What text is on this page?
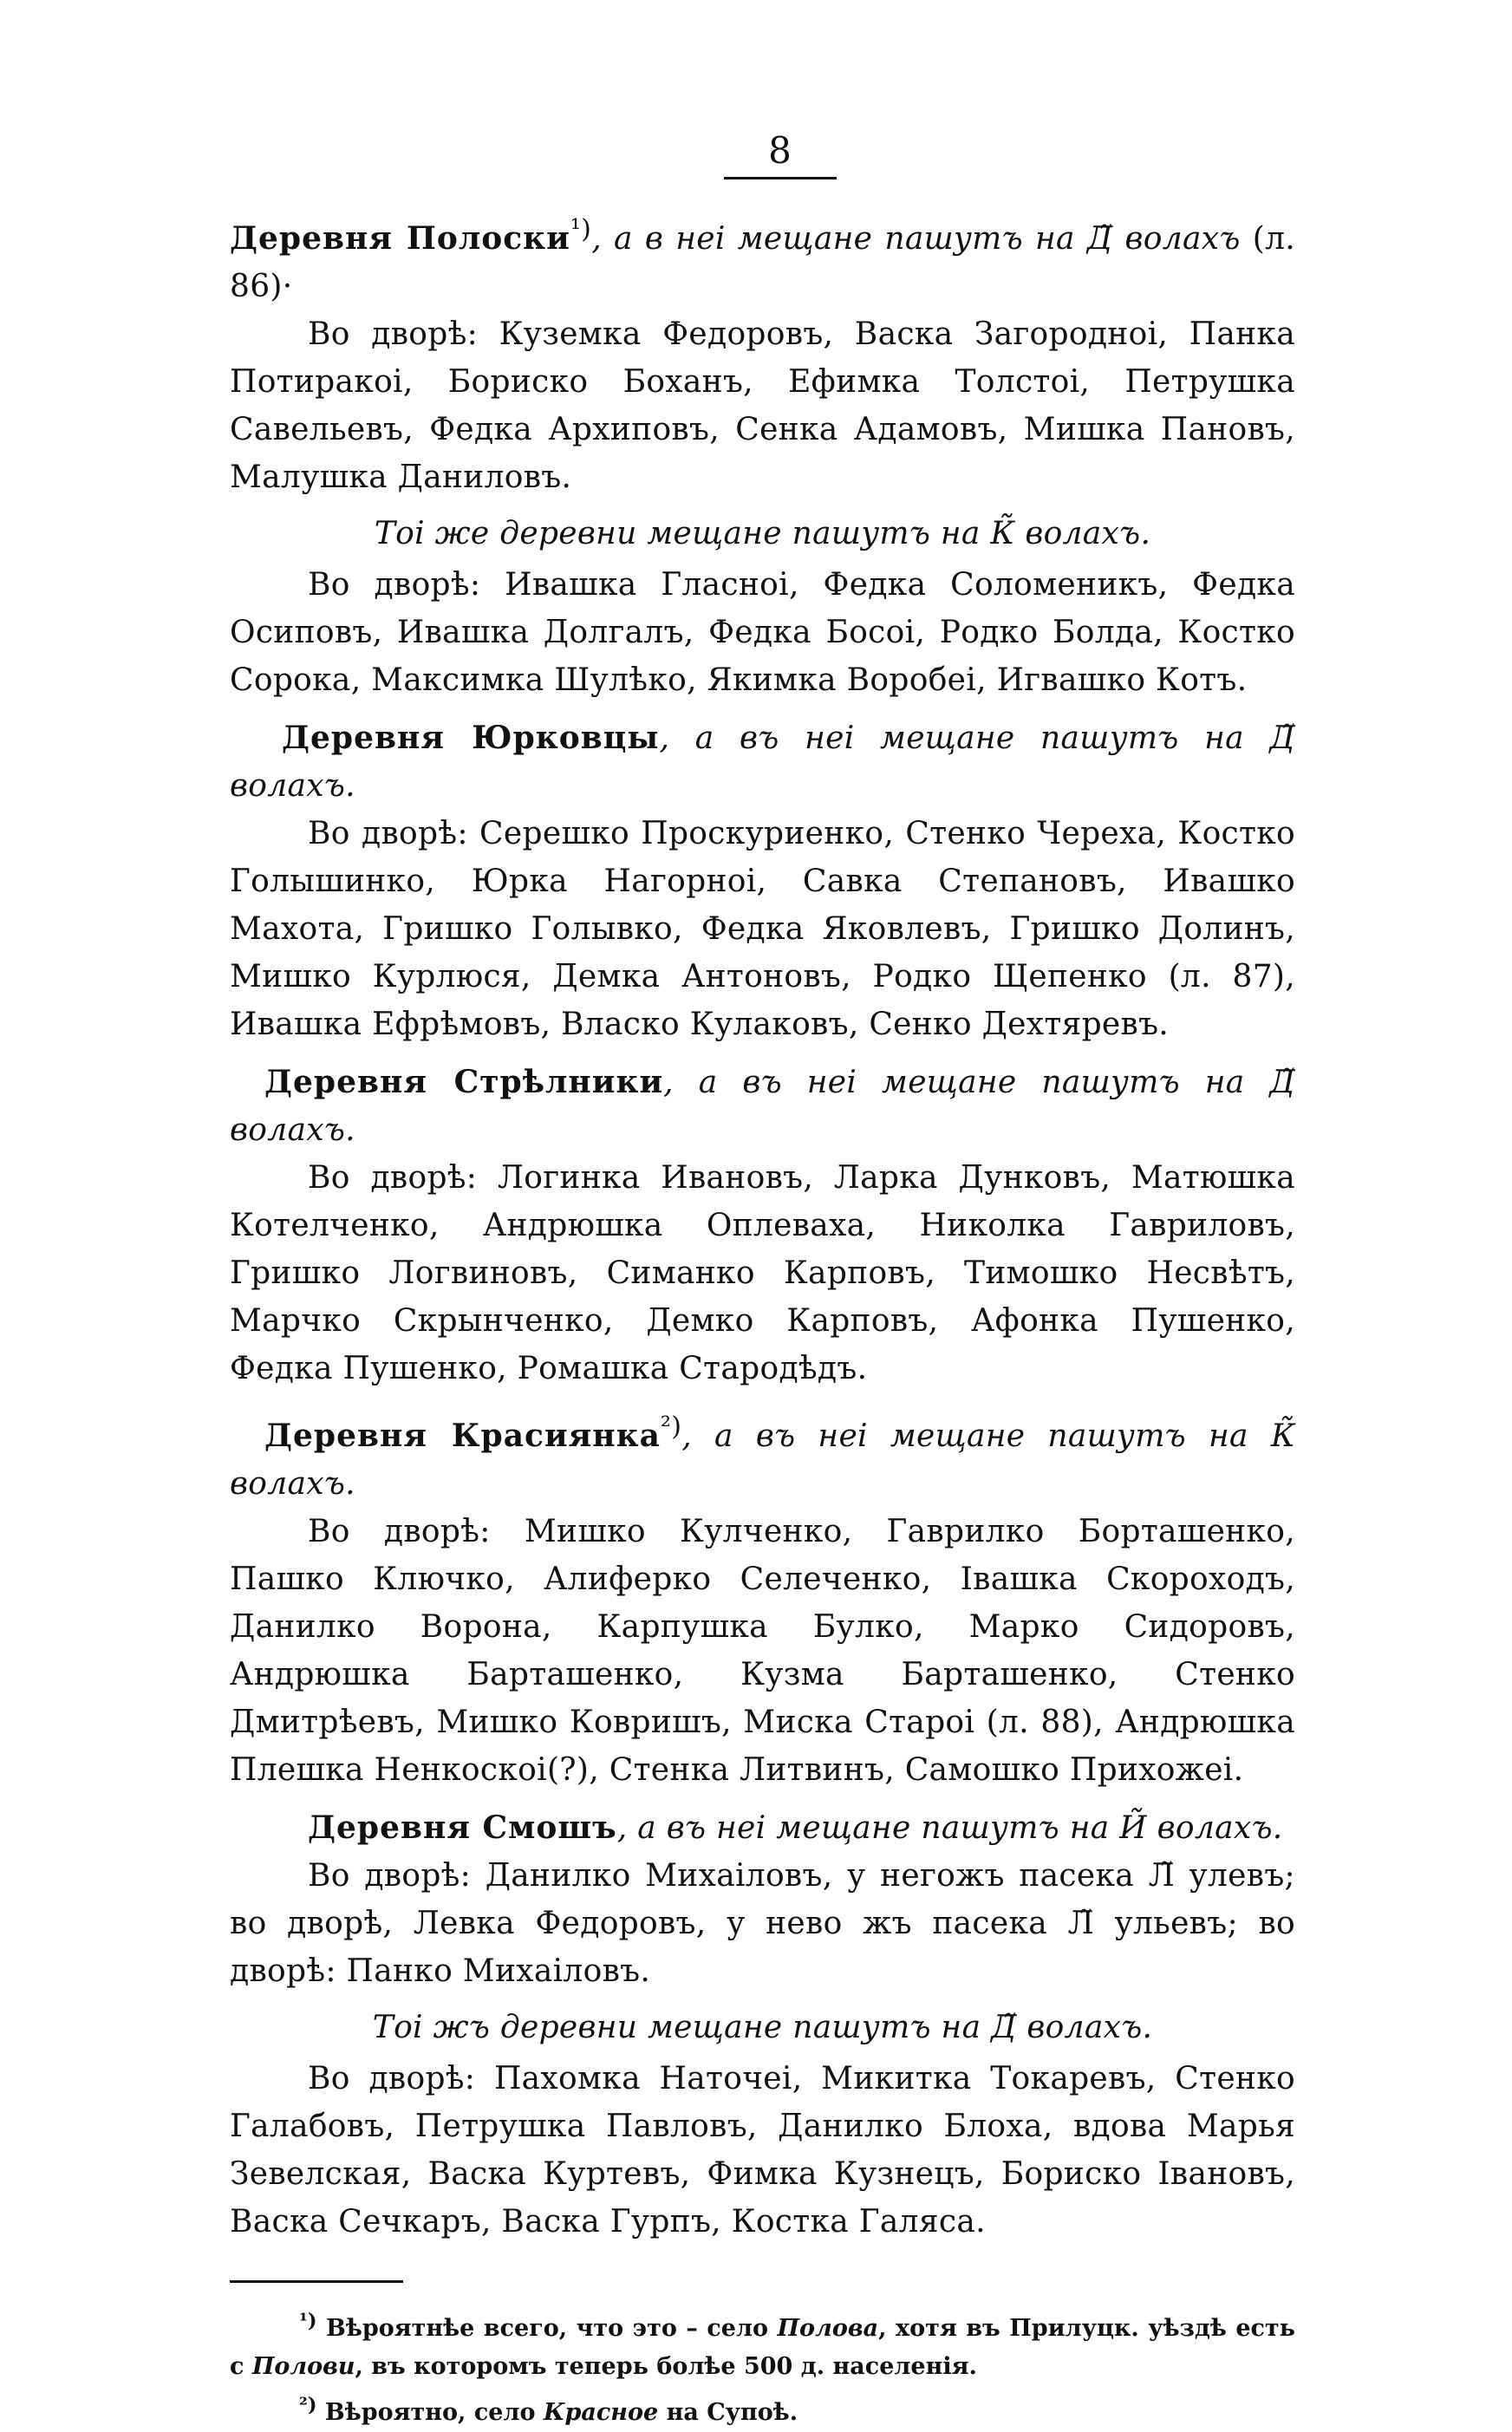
8

Деревня Полоски$^{^1)}$, а в неі мещане пашутъ на Д̃ волахъ (л. 86)·

Во дворѣ: Куземка Федоровъ, Васка Загородноі, Панка Потиракоі, Бориско Боханъ, Ефимка Толстоі, Петрушка Савельевъ, Федка Архиповъ, Сенка Адамовъ, Мишка Пановъ, Малушка Даниловъ.

Тоі же деревни мещане пашутъ на К̃ волахъ.

Во дворѣ: Ивашка Гласноі, Федка Соломеникъ, Федка Осиповъ, Ивашка Долгалъ, Федка Босоі, Родко Болда, Костко Сорока, Максимка Шулѣко, Якимка Воробеі, Игвашко Котъ.

Деревня Юрковцы, а въ неі мещане пашутъ на Д̃ волахъ.

Во дворѣ: Серешко Проскуриенко, Стенко Череха, Костко Голышинко, Юрка Нагорноі, Савка Степановъ, Ивашко Махота, Гришко Голывко, Федка Яковлевъ, Гришко Долинъ, Мишко Курлюся, Демка Антоновъ, Родко Щепенко (л. 87), Ивашка Ефрѣмовъ, Власко Кулаковъ, Сенко Дехтяревъ.

Деревня Стрѣлники, а въ неі мещане пашутъ на Д̃ волахъ.

Во дворѣ: Логинка Ивановъ, Ларка Дунковъ, Матюшка Котелченко, Андрюшка Оплеваха, Николка Гавриловъ, Гришко Логвиновъ, Симанко Карповъ, Тимошко Несвѣтъ, Марчко Скрынченко, Демко Карповъ, Афонка Пушенко, Федка Пушенко, Ромашка Стародѣдъ.

Деревня Красиянка$^{^2)}$, а въ неі мещане пашутъ на К̃ волахъ.

Во дворѣ: Мишко Кулченко, Гаврилко Борташенко, Пашко Ключко, Алиферко Селеченко, Івашка Скороходъ, Данилко Ворона, Карпушка Булко, Марко Сидоровъ, Андрюшка Барташенко, Кузма Барташенко, Стенко Дмитрѣевъ, Мишко Ковришъ, Миска Староі (л. 88), Андрюшка Плешка Ненкоскоі(?), Стенка Литвинъ, Самошко Прихожеі.

Деревня Смошъ, а въ неі мещане пашутъ на И̃ волахъ.

Во дворѣ: Данилко Михаіловъ, у негожъ пасека Л̃ улевъ; во дворѣ, Левка Федоровъ, у нево жъ пасека Л̃ ульевъ; во дворѣ: Панко Михаіловъ.

Тоі жъ деревни мещане пашутъ на Д̃ волахъ.

Во дворѣ: Пахомка Наточеі, Микитка Токаревъ, Стенко Галабовъ, Петрушка Павловъ, Данилко Блоха, вдова Марья Зевелская, Васка Куртевъ, Фимка Кузнецъ, Бориско Івановъ, Васка Сечкаръ, Васка Гурпъ, Костка Галяса.

$^{^1)}$ Вѣроятнѣе всего, что это – село Полова, хотя въ Прилуцк. уѣздѣ есть с Полови, въ которомъ теперь болѣе 500 д. населенія.

$^{^2)}$ Вѣроятно, село Красное на Супоѣ.
